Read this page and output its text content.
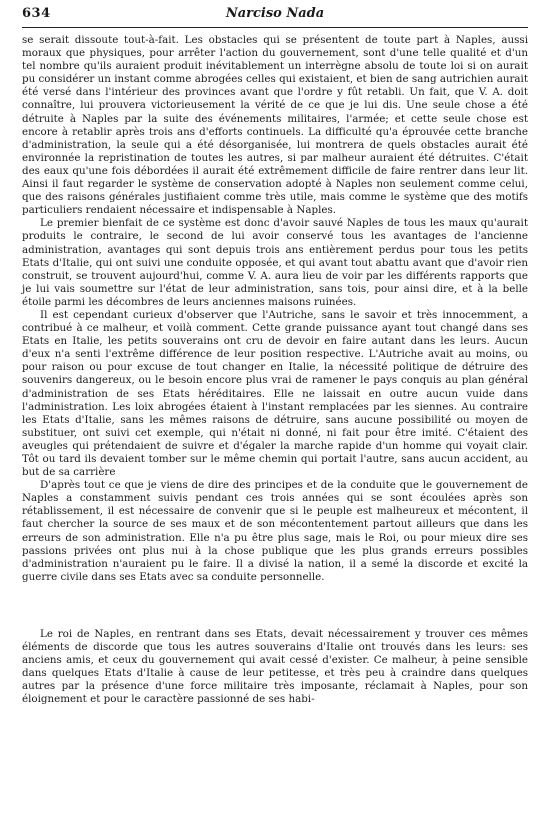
634	Narciso Nada

se serait dissoute tout-à-fait. Les obstacles qui se présentent de toute part à Naples, aussi moraux que physiques, pour arrêter l'action du gouvernement, sont d'une telle qualité et d'un tel nombre qu'ils auraient produit inévitablement un interrègne absolu de toute loi si on aurait pu considérer un instant comme abrogées celles qui existaient, et bien de sang autrichien aurait été versé dans l'intérieur des provinces avant que l'ordre y fût retabli. Un fait, que V. A. doit connaître, lui prouvera victorieusement la vérité de ce que je lui dis. Une seule chose a été détruite à Naples par la suite des événements militaires, l'armée; et cette seule chose est encore à retablir après trois ans d'efforts continuels. La difficulté qu'a éprouvée cette branche d'administration, la seule qui a été désorganisée, lui montrera de quels obstacles aurait été environnée la repristination de toutes les autres, si par malheur auraient été détruites. C'était des eaux qu'une fois débordées il aurait été extrêmement difficile de faire rentrer dans leur lit. Ainsi il faut regarder le système de conservation adopté à Naples non seulement comme celui, que des raisons générales justifiaient comme très utile, mais comme le système que des motifs particuliers rendaient nécessaire et indispensable à Naples.

Le premier bienfait de ce système est donc d'avoir sauvé Naples de tous les maux qu'aurait produits le contraire, le second de lui avoir conservé tous les avantages de l'ancienne administration, avantages qui sont depuis trois ans entièrement perdus pour tous les petits Etats d'Italie, qui ont suivi une conduite opposée, et qui avant tout abattu avant que d'avoir rien construit, se trouvent aujourd'hui, comme V. A. aura lieu de voir par les différents rapports que je lui vais soumettre sur l'état de leur administration, sans tois, pour ainsi dire, et à la belle étoile parmi les décombres de leurs anciennes maisons ruinées.

Il est cependant curieux d'observer que l'Autriche, sans le savoir et très innocemment, a contribué à ce malheur, et voilà comment. Cette grande puissance ayant tout changé dans ses Etats en Italie, les petits souverains ont cru de devoir en faire autant dans les leurs. Aucun d'eux n'a senti l'extrême différence de leur position respective. L'Autriche avait au moins, ou pour raison ou pour excuse de tout changer en Italie, la nécessité politique de détruire des souvenirs dangereux, ou le besoin encore plus vrai de ramener le pays conquis au plan général d'administration de ses Etats héréditaires. Elle ne laissait en outre aucun vuide dans l'administration. Les loix abrogées étaient à l'instant remplacées par les siennes. Au contraire les Etats d'Italie, sans les mêmes raisons de détruire, sans aucune possibilité ou moyen de substituer, ont suivi cet exemple, qui n'était ni donné, ni fait pour être imité. C'étaient des aveugles qui prétendaient de suivre et d'égaler la marche rapide d'un homme qui voyait clair. Tôt ou tard ils devaient tomber sur le même chemin qui portait l'autre, sans aucun accident, au but de sa carrière

D'après tout ce que je viens de dire des principes et de la conduite que le gouvernement de Naples a constamment suivis pendant ces trois années qui se sont écoulées après son rétablissement, il est nécessaire de convenir que si le peuple est malheureux et mécontent, il faut chercher la source de ses maux et de son mécontentement partout ailleurs que dans les erreurs de son administration. Elle n'a pu être plus sage, mais le Roi, ou pour mieux dire ses passions privées ont plus nui à la chose publique que les plus grands erreurs possibles d'administration n'auraient pu le faire. Il a divisé la nation, il a semé la discorde et excité la guerre civile dans ses Etats avec sa conduite personnelle.

Le roi de Naples, en rentrant dans ses Etats, devait nécessairement y trouver ces mêmes éléments de discorde que tous les autres souverains d'Italie ont trouvés dans les leurs: ses anciens amis, et ceux du gouvernement qui avait cessé d'exister. Ce malheur, à peine sensible dans quelques Etats d'Italie à cause de leur petitesse, et très peu à craindre dans quelques autres par la présence d'une force militaire très imposante, réclamait à Naples, pour son éloignement et pour le caractère passionné de ses habi-
